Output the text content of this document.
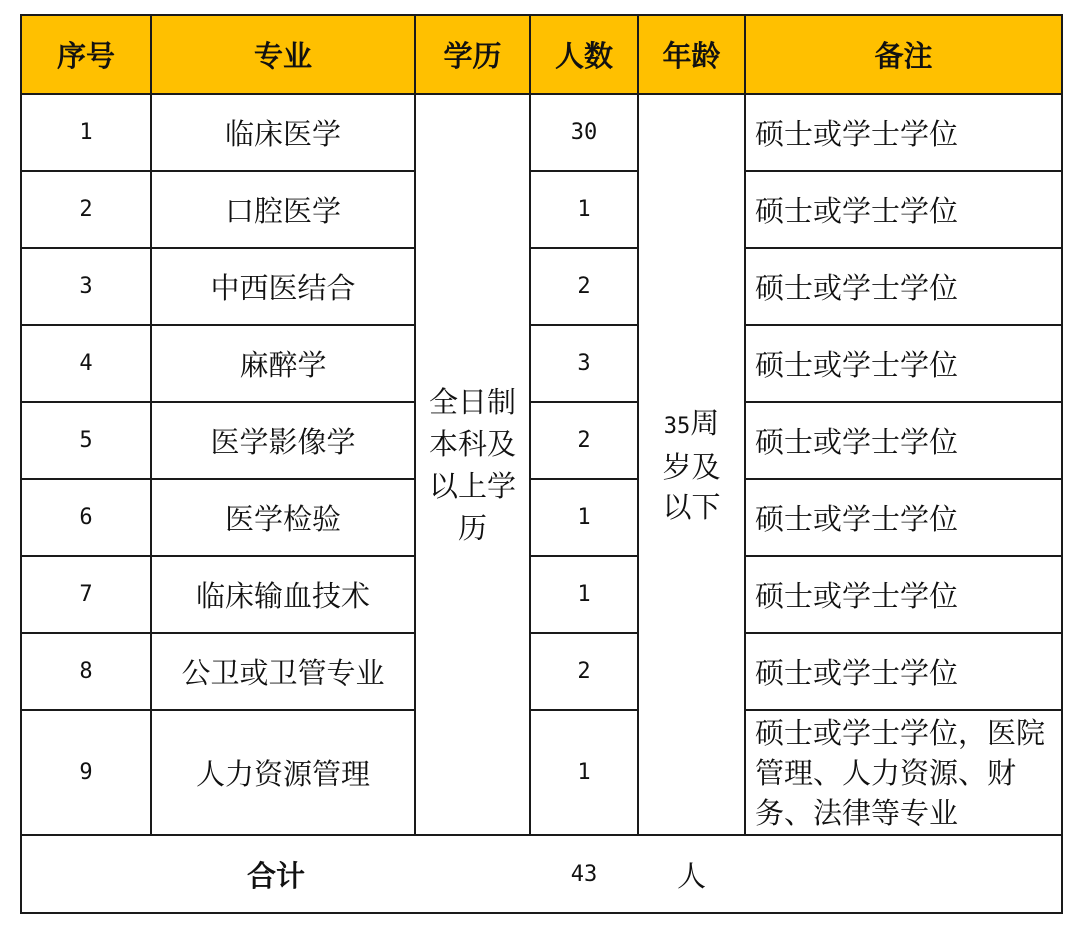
序号	专业	学历	人数	年龄	备注
1	临床医学	全日制本科及以上学历	30	35周岁及以下	硕士或学士学位
2	口腔医学		1		硕士或学士学位
3	中西医结合		2		硕士或学士学位
4	麻醉学		3		硕士或学士学位
5	医学影像学		2		硕士或学士学位
6	医学检验		1		硕士或学士学位
7	临床输血技术		1		硕士或学士学位
8	公卫或卫管专业		2		硕士或学士学位
9	人力资源管理		1		硕士或学士学位，医院管理、人力资源、财务、法律等专业
合计			43	人	
